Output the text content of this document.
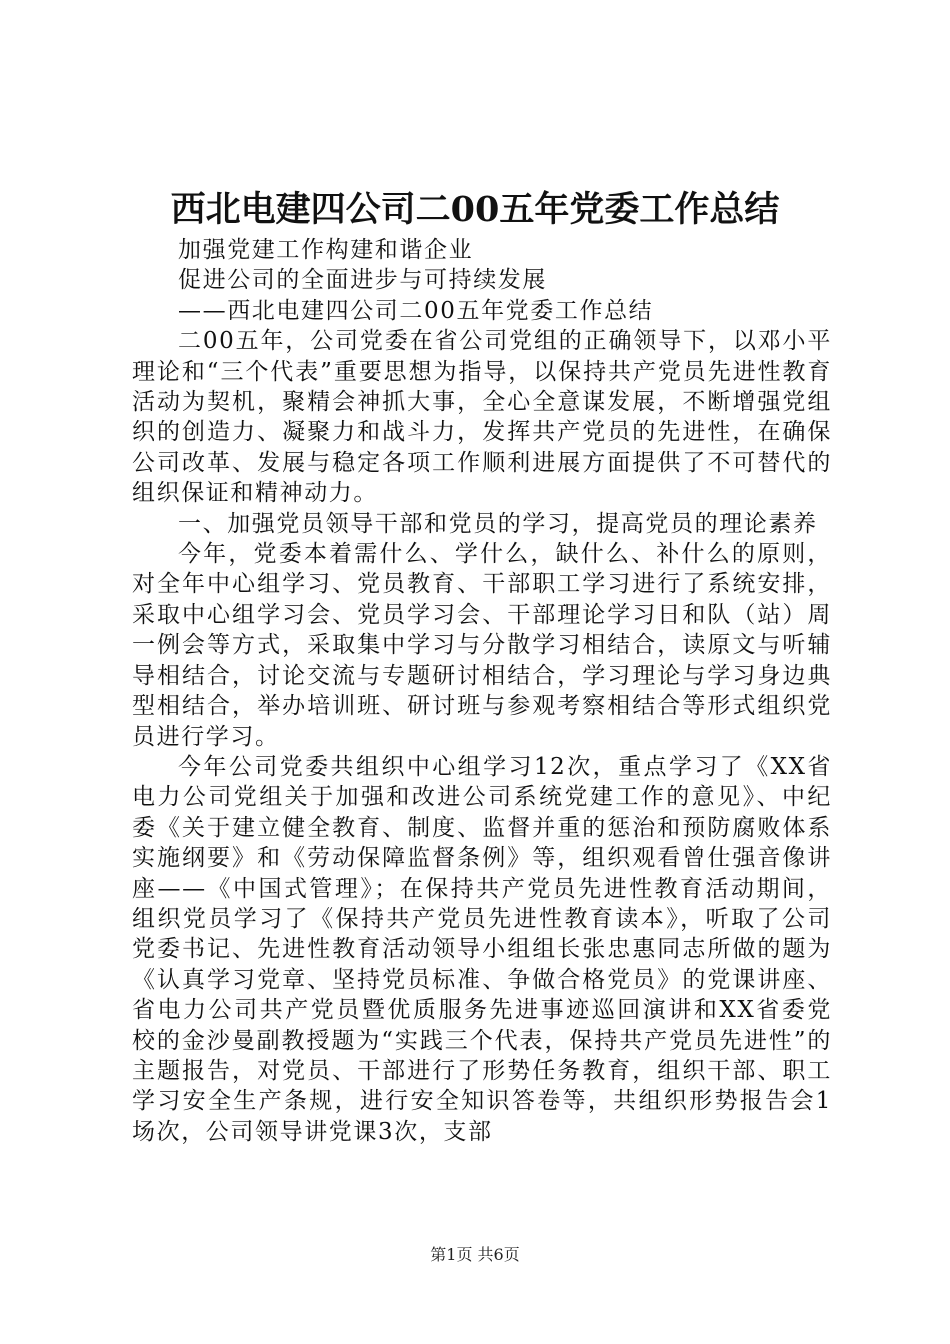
西北电建四公司二00五年党委工作总结

加强党建工作构建和谐企业

促进公司的全面进步与可持续发展

——西北电建四公司二00五年党委工作总结

二00五年，公司党委在省公司党组的正确领导下，以邓小平理论和“三个代表”重要思想为指导，以保持共产党员先进性教育活动为契机，聚精会神抓大事，全心全意谋发展，不断增强党组织的创造力、凝聚力和战斗力，发挥共产党员的先进性，在确保公司改革、发展与稳定各项工作顺利进展方面提供了不可替代的组织保证和精神动力。

一、加强党员领导干部和党员的学习，提高党员的理论素养

今年，党委本着需什么、学什么，缺什么、补什么的原则，对全年中心组学习、党员教育、干部职工学习进行了系统安排，采取中心组学习会、党员学习会、干部理论学习日和队（站）周一例会等方式，采取集中学习与分散学习相结合，读原文与听辅导相结合，讨论交流与专题研讨相结合，学习理论与学习身边典型相结合，举办培训班、研讨班与参观考察相结合等形式组织党员进行学习。

今年公司党委共组织中心组学习12次，重点学习了《XX省电力公司党组关于加强和改进公司系统党建工作的意见》、中纪委《关于建立健全教育、制度、监督并重的惩治和预防腐败体系实施纲要》和《劳动保障监督条例》等，组织观看曾仕强音像讲座——《中国式管理》；在保持共产党员先进性教育活动期间，组织党员学习了《保持共产党员先进性教育读本》，听取了公司党委书记、先进性教育活动领导小组组长张忠惠同志所做的题为《认真学习党章、坚持党员标准、争做合格党员》的党课讲座、省电力公司共产党员暨优质服务先进事迹巡回演讲和XX省委党校的金沙曼副教授题为“实践三个代表，保持共产党员先进性”的主题报告，对党员、干部进行了形势任务教育，组织干部、职工学习安全生产条规，进行安全知识答卷等，共组织形势报告会1场次，公司领导讲党课3次，支部

第1页 共6页
